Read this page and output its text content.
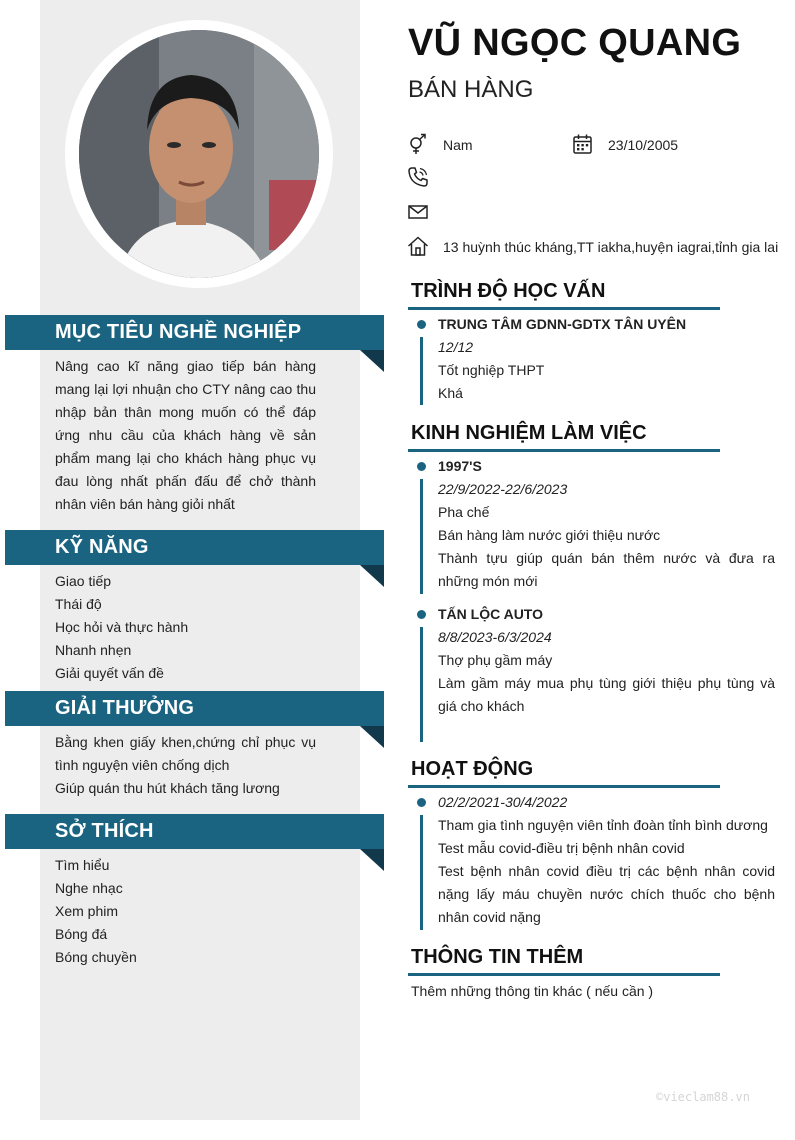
MỤC TIÊU NGHỀ NGHIỆP
Nâng cao kĩ năng giao tiếp bán hàng mang lại lợi nhuận cho CTY nâng cao thu nhập bản thân mong muốn có thể đáp ứng nhu cầu của khách hàng về sản phẩm mang lại cho khách hàng phục vụ đau lòng nhất phấn đấu để chở thành nhân viên bán hàng giỏi nhất
KỸ NĂNG
Giao tiếp
Thái độ
Học hỏi và thực hành
Nhanh nhẹn
Giải quyết vấn đề
GIẢI THƯỞNG
Bằng khen giấy khen,chứng chỉ phục vụ tình nguyện viên chống dịch
Giúp quán thu hút khách tăng lương
SỞ THÍCH
Tìm hiểu
Nghe nhạc
Xem phim
Bóng đá
Bóng chuyền
VŨ NGỌC QUANG
BÁN HÀNG
Nam	23/10/2005
13 huỳnh thúc kháng,TT iakha,huyện iagrai,tỉnh gia lai
TRÌNH ĐỘ HỌC VẤN
TRUNG TÂM GDNN-GDTX TÂN UYÊN
12/12
Tốt nghiệp THPT
Khá
KINH NGHIỆM LÀM VIỆC
1997'S
22/9/2022-22/6/2023
Pha chế
Bán hàng làm nước giới thiệu nước
Thành tựu giúp quán bán thêm nước và đưa ra những món mới
TẤN LỘC AUTO
8/8/2023-6/3/2024
Thợ phụ gầm máy
Làm gầm máy mua phụ tùng giới thiệu phụ tùng và giá cho khách
HOẠT ĐỘNG
02/2/2021-30/4/2022
Tham gia tình nguyện viên tỉnh đoàn tỉnh bình dương
Test mẫu covid-điều trị bệnh nhân covid
Test bệnh nhân covid điều trị các bệnh nhân covid nặng lấy máu chuyền nước chích thuốc cho bệnh nhân covid nặng
THÔNG TIN THÊM
Thêm những thông tin khác ( nếu cần )
©vieclam88.vn
